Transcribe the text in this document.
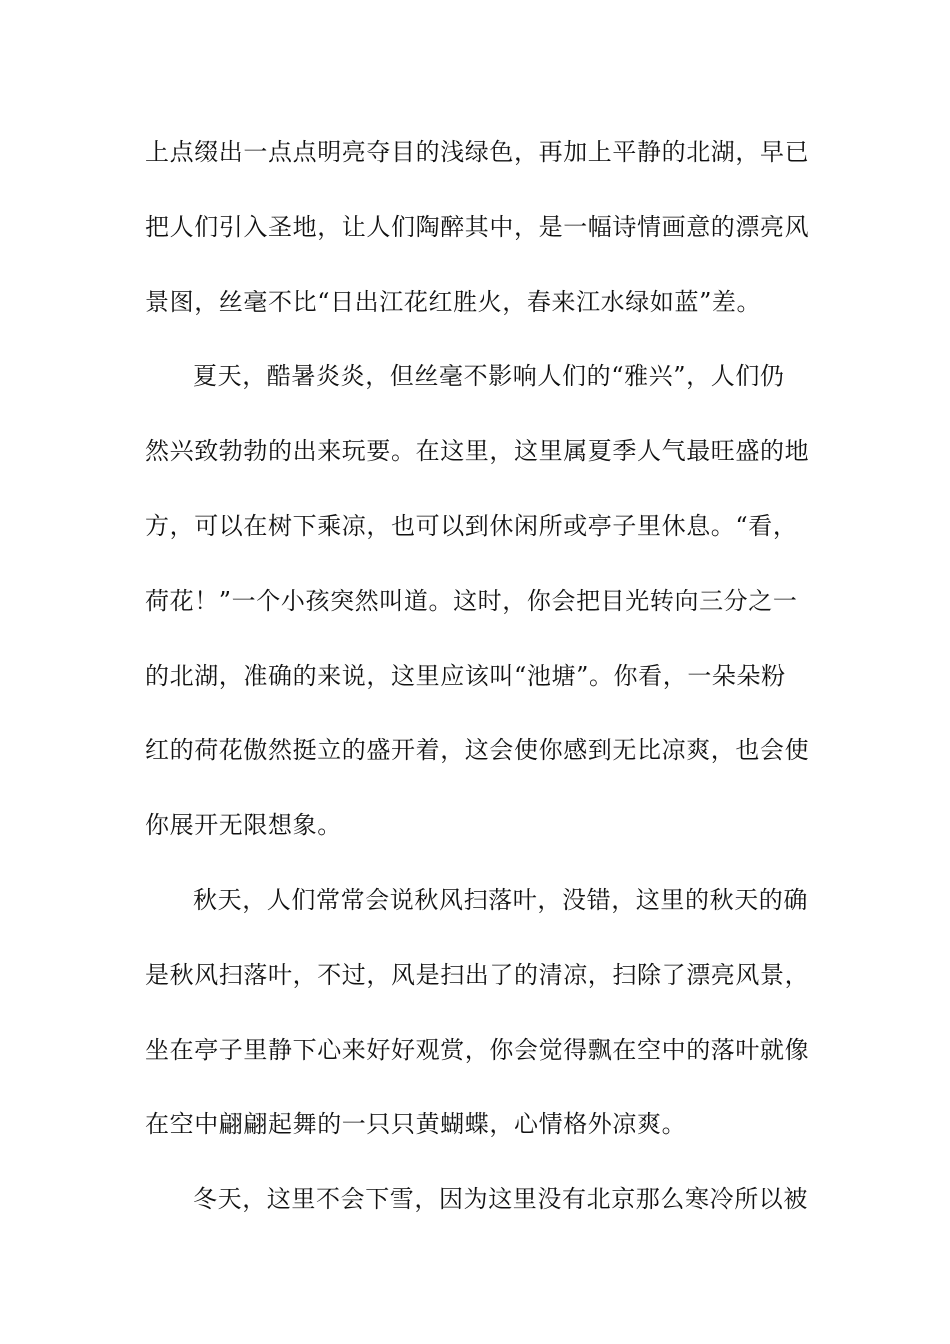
上点缀出一点点明亮夺目的浅绿色，再加上平静的北湖，早已
把人们引入圣地，让人们陶醉其中，是一幅诗情画意的漂亮风
景图，丝毫不比“日出江花红胜火，春来江水绿如蓝”差。
夏天，酷暑炎炎，但丝毫不影响人们的“雅兴”，人们仍
然兴致勃勃的出来玩要。在这里，这里属夏季人气最旺盛的地
方，可以在树下乘凉，也可以到休闲所或亭子里休息。“看，
荷花！”一个小孩突然叫道。这时，你会把目光转向三分之一
的北湖，准确的来说，这里应该叫“池塘”。你看，一朵朵粉
红的荷花傲然挺立的盛开着，这会使你感到无比凉爽，也会使
你展开无限想象。
秋天，人们常常会说秋风扫落叶，没错，这里的秋天的确
是秋风扫落叶，不过，风是扫出了的清凉，扫除了漂亮风景，
坐在亭子里静下心来好好观赏，你会觉得飘在空中的落叶就像
在空中翩翩起舞的一只只黄蝴蝶，心情格外凉爽。
冬天，这里不会下雪，因为这里没有北京那么寒冷所以被
